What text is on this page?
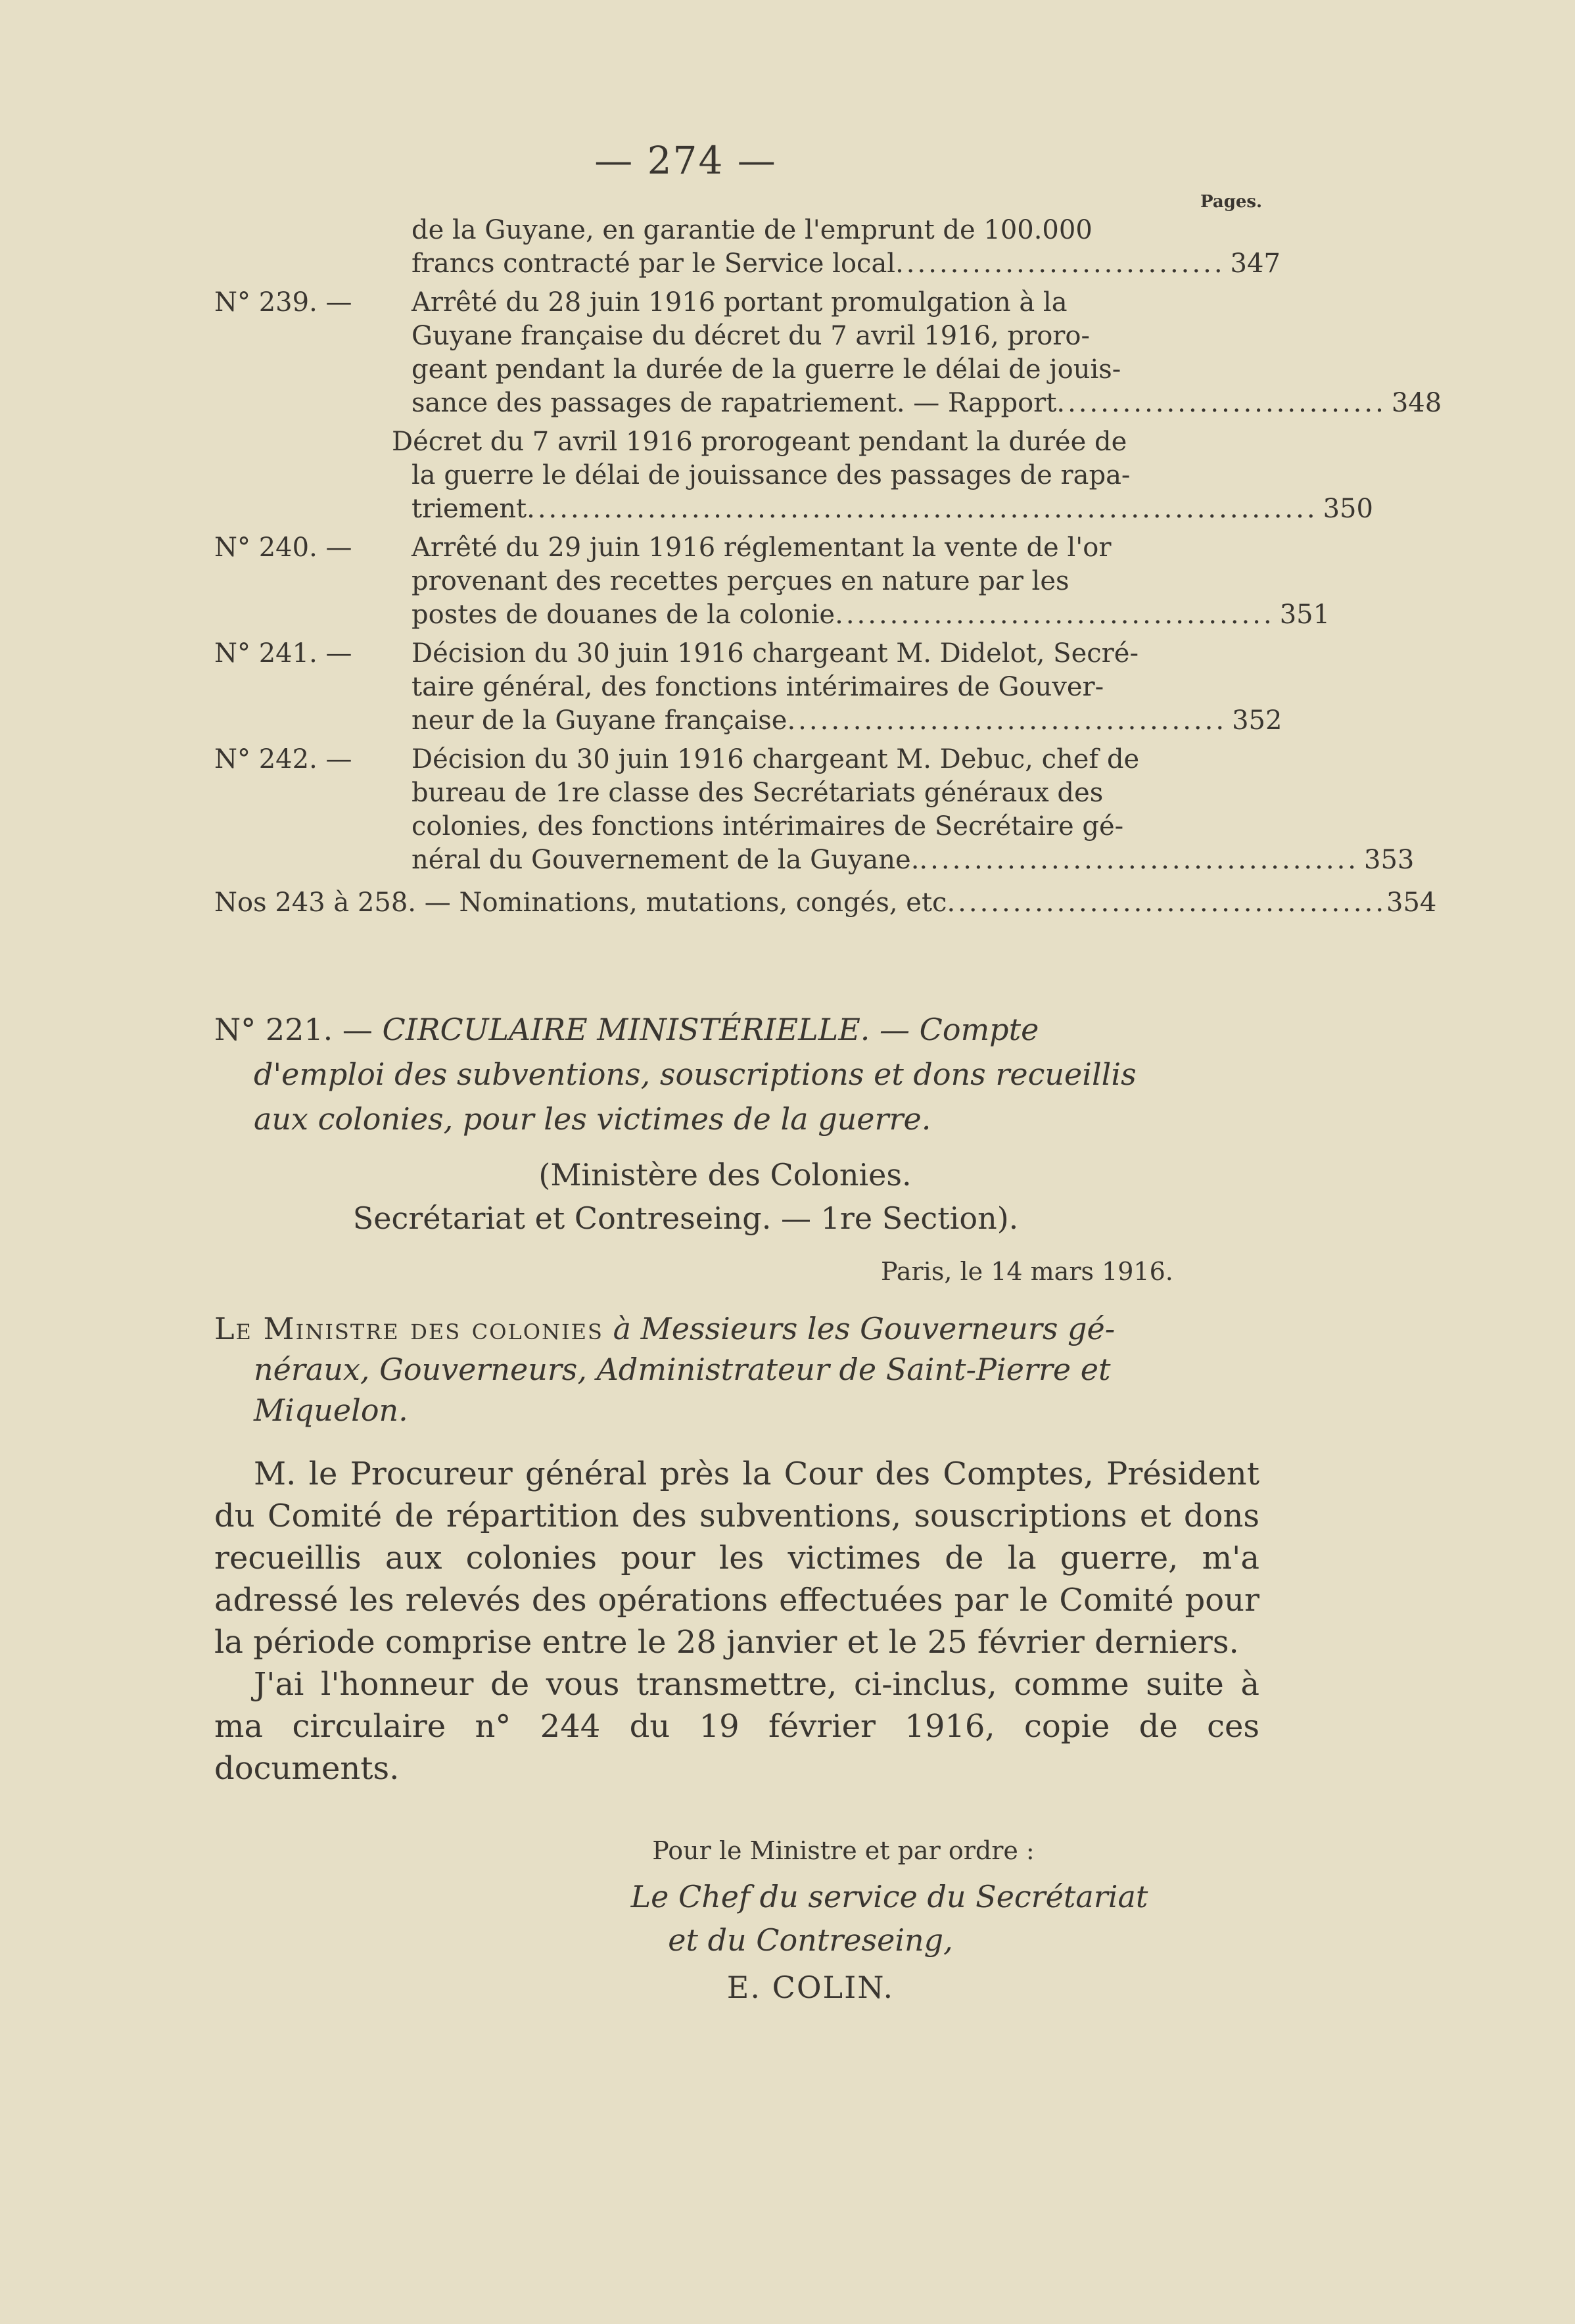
— 274 —
Pages.
de la Guyane, en garantie de l'emprunt de 100.000
francs contracté par le Service local .............................. 347
N° 239. —	Arrêté du 28 juin 1916 portant promulgation à la
Guyane française du décret du 7 avril 1916, proro-
geant pendant la durée de la guerre le délai de jouis-
sance des passages de rapatriement. — Rapport .............................. 348
Décret du 7 avril 1916 prorogeant pendant la durée de
la guerre le délai de jouissance des passages de rapa-
triement ........................................................................ 350
N° 240. —	Arrêté du 29 juin 1916 réglementant la vente de l'or
provenant des recettes perçues en nature par les
postes de douanes de la colonie ........................................ 351
N° 241. —	Décision du 30 juin 1916 chargeant M. Didelot, Secré-
taire général, des fonctions intérimaires de Gouver-
neur de la Guyane française ........................................ 352
N° 242. —	Décision du 30 juin 1916 chargeant M. Debuc, chef de
bureau de 1re classe des Secrétariats généraux des
colonies, des fonctions intérimaires de Secrétaire gé-
néral du Gouvernement de la Guyane. ........................................ 353
Nos 243 à 258. — Nominations, mutations, congés, etc ........................................ 354
N° 221. — CIRCULAIRE MINISTÉRIELLE. — Compte
d'emploi des subventions, souscriptions et dons recueillis
aux colonies, pour les victimes de la guerre.
(Ministère des Colonies.
Secrétariat et Contreseing. — 1re Section).
Paris, le 14 mars 1916.
Le Ministre des colonies à Messieurs les Gouverneurs gé-
néraux, Gouverneurs, Administrateur de Saint-Pierre et
Miquelon.

M. le Procureur général près la Cour des Comptes, Président du Comité de répartition des subventions, souscriptions et dons recueillis aux colonies pour les victimes de la guerre, m'a adressé les relevés des opérations effectuées par le Comité pour la période comprise entre le 28 janvier et le 25 février derniers.

J'ai l'honneur de vous transmettre, ci-inclus, comme suite à ma circulaire n° 244 du 19 février 1916, copie de ces documents.

Pour le Ministre et par ordre :
Le Chef du service du Secrétariat
et du Contreseing,
E. COLIN.
